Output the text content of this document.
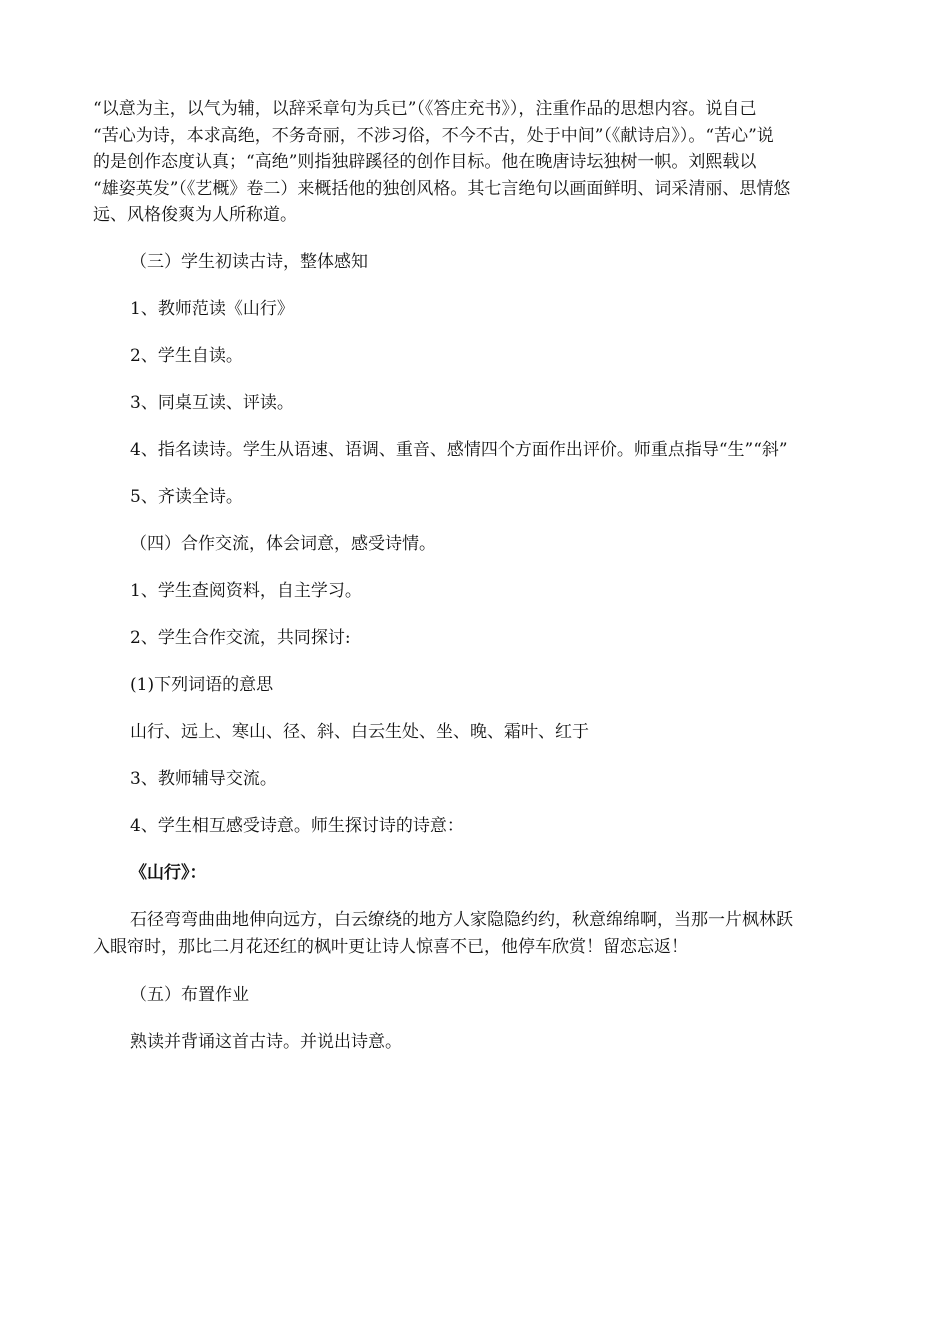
“以意为主，以气为辅，以辞采章句为兵已”（《答庄充书》），注重作品的思想内容。说自己

“苦心为诗，本求高绝，不务奇丽，不涉习俗，不今不古，处于中间”（《献诗启》）。“苦心”说

的是创作态度认真；“高绝”则指独辟蹊径的创作目标。他在晚唐诗坛独树一帜。刘熙载以

“雄姿英发”（《艺概》卷二）来概括他的独创风格。其七言绝句以画面鲜明、词采清丽、思情悠

远、风格俊爽为人所称道。

（三）学生初读古诗，整体感知

1、教师范读《山行》

2、学生自读。

3、同桌互读、评读。

4、指名读诗。学生从语速、语调、重音、感情四个方面作出评价。师重点指导“生”“斜”

5、齐读全诗。

（四）合作交流，体会词意，感受诗情。

1、学生查阅资料，自主学习。

2、学生合作交流，共同探讨:

(1)下列词语的意思

山行、远上、寒山、径、斜、白云生处、坐、晚、霜叶、红于

3、教师辅导交流。

4、学生相互感受诗意。师生探讨诗的诗意：

《山行》：

石径弯弯曲曲地伸向远方，白云缭绕的地方人家隐隐约约，秋意绵绵啊，当那一片枫林跃

入眼帘时，那比二月花还红的枫叶更让诗人惊喜不已，他停车欣赏！留恋忘返！

（五）布置作业

熟读并背诵这首古诗。并说出诗意。
